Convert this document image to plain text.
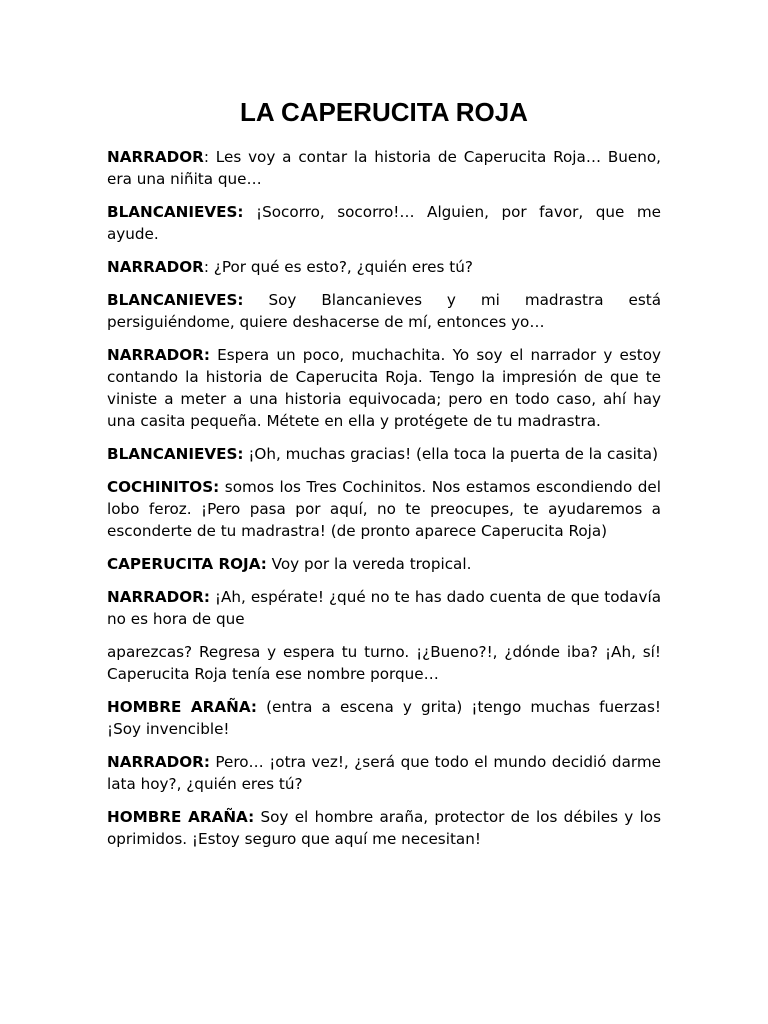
LA CAPERUCITA ROJA

NARRADOR: Les voy a contar la historia de Caperucita Roja… Bueno, era una niñita que…

BLANCANIEVES: ¡Socorro, socorro!… Alguien, por favor, que me ayude.

NARRADOR: ¿Por qué es esto?, ¿quién eres tú?

BLANCANIEVES: Soy Blancanieves y mi madrastra está persiguiéndome, quiere deshacerse de mí, entonces yo…

NARRADOR: Espera un poco, muchachita. Yo soy el narrador y estoy contando la historia de Caperucita Roja. Tengo la impresión de que te viniste a meter a una historia equivocada; pero en todo caso, ahí hay una casita pequeña. Métete en ella y protégete de tu madrastra.

BLANCANIEVES: ¡Oh, muchas gracias! (ella toca la puerta de la casita)

COCHINITOS: somos los Tres Cochinitos. Nos estamos escondiendo del lobo feroz. ¡Pero pasa por aquí, no te preocupes, te ayudaremos a esconderte de tu madrastra! (de pronto aparece Caperucita Roja)

CAPERUCITA ROJA: Voy por la vereda tropical.

NARRADOR: ¡Ah, espérate! ¿qué no te has dado cuenta de que todavía no es hora de que

aparezcas? Regresa y espera tu turno. ¡¿Bueno?!, ¿dónde iba? ¡Ah, sí! Caperucita Roja tenía ese nombre porque…

HOMBRE ARAÑA: (entra a escena y grita) ¡tengo muchas fuerzas! ¡Soy invencible!

NARRADOR: Pero… ¡otra vez!, ¿será que todo el mundo decidió darme lata hoy?, ¿quién eres tú?

HOMBRE ARAÑA: Soy el hombre araña, protector de los débiles y los oprimidos. ¡Estoy seguro que aquí me necesitan!
